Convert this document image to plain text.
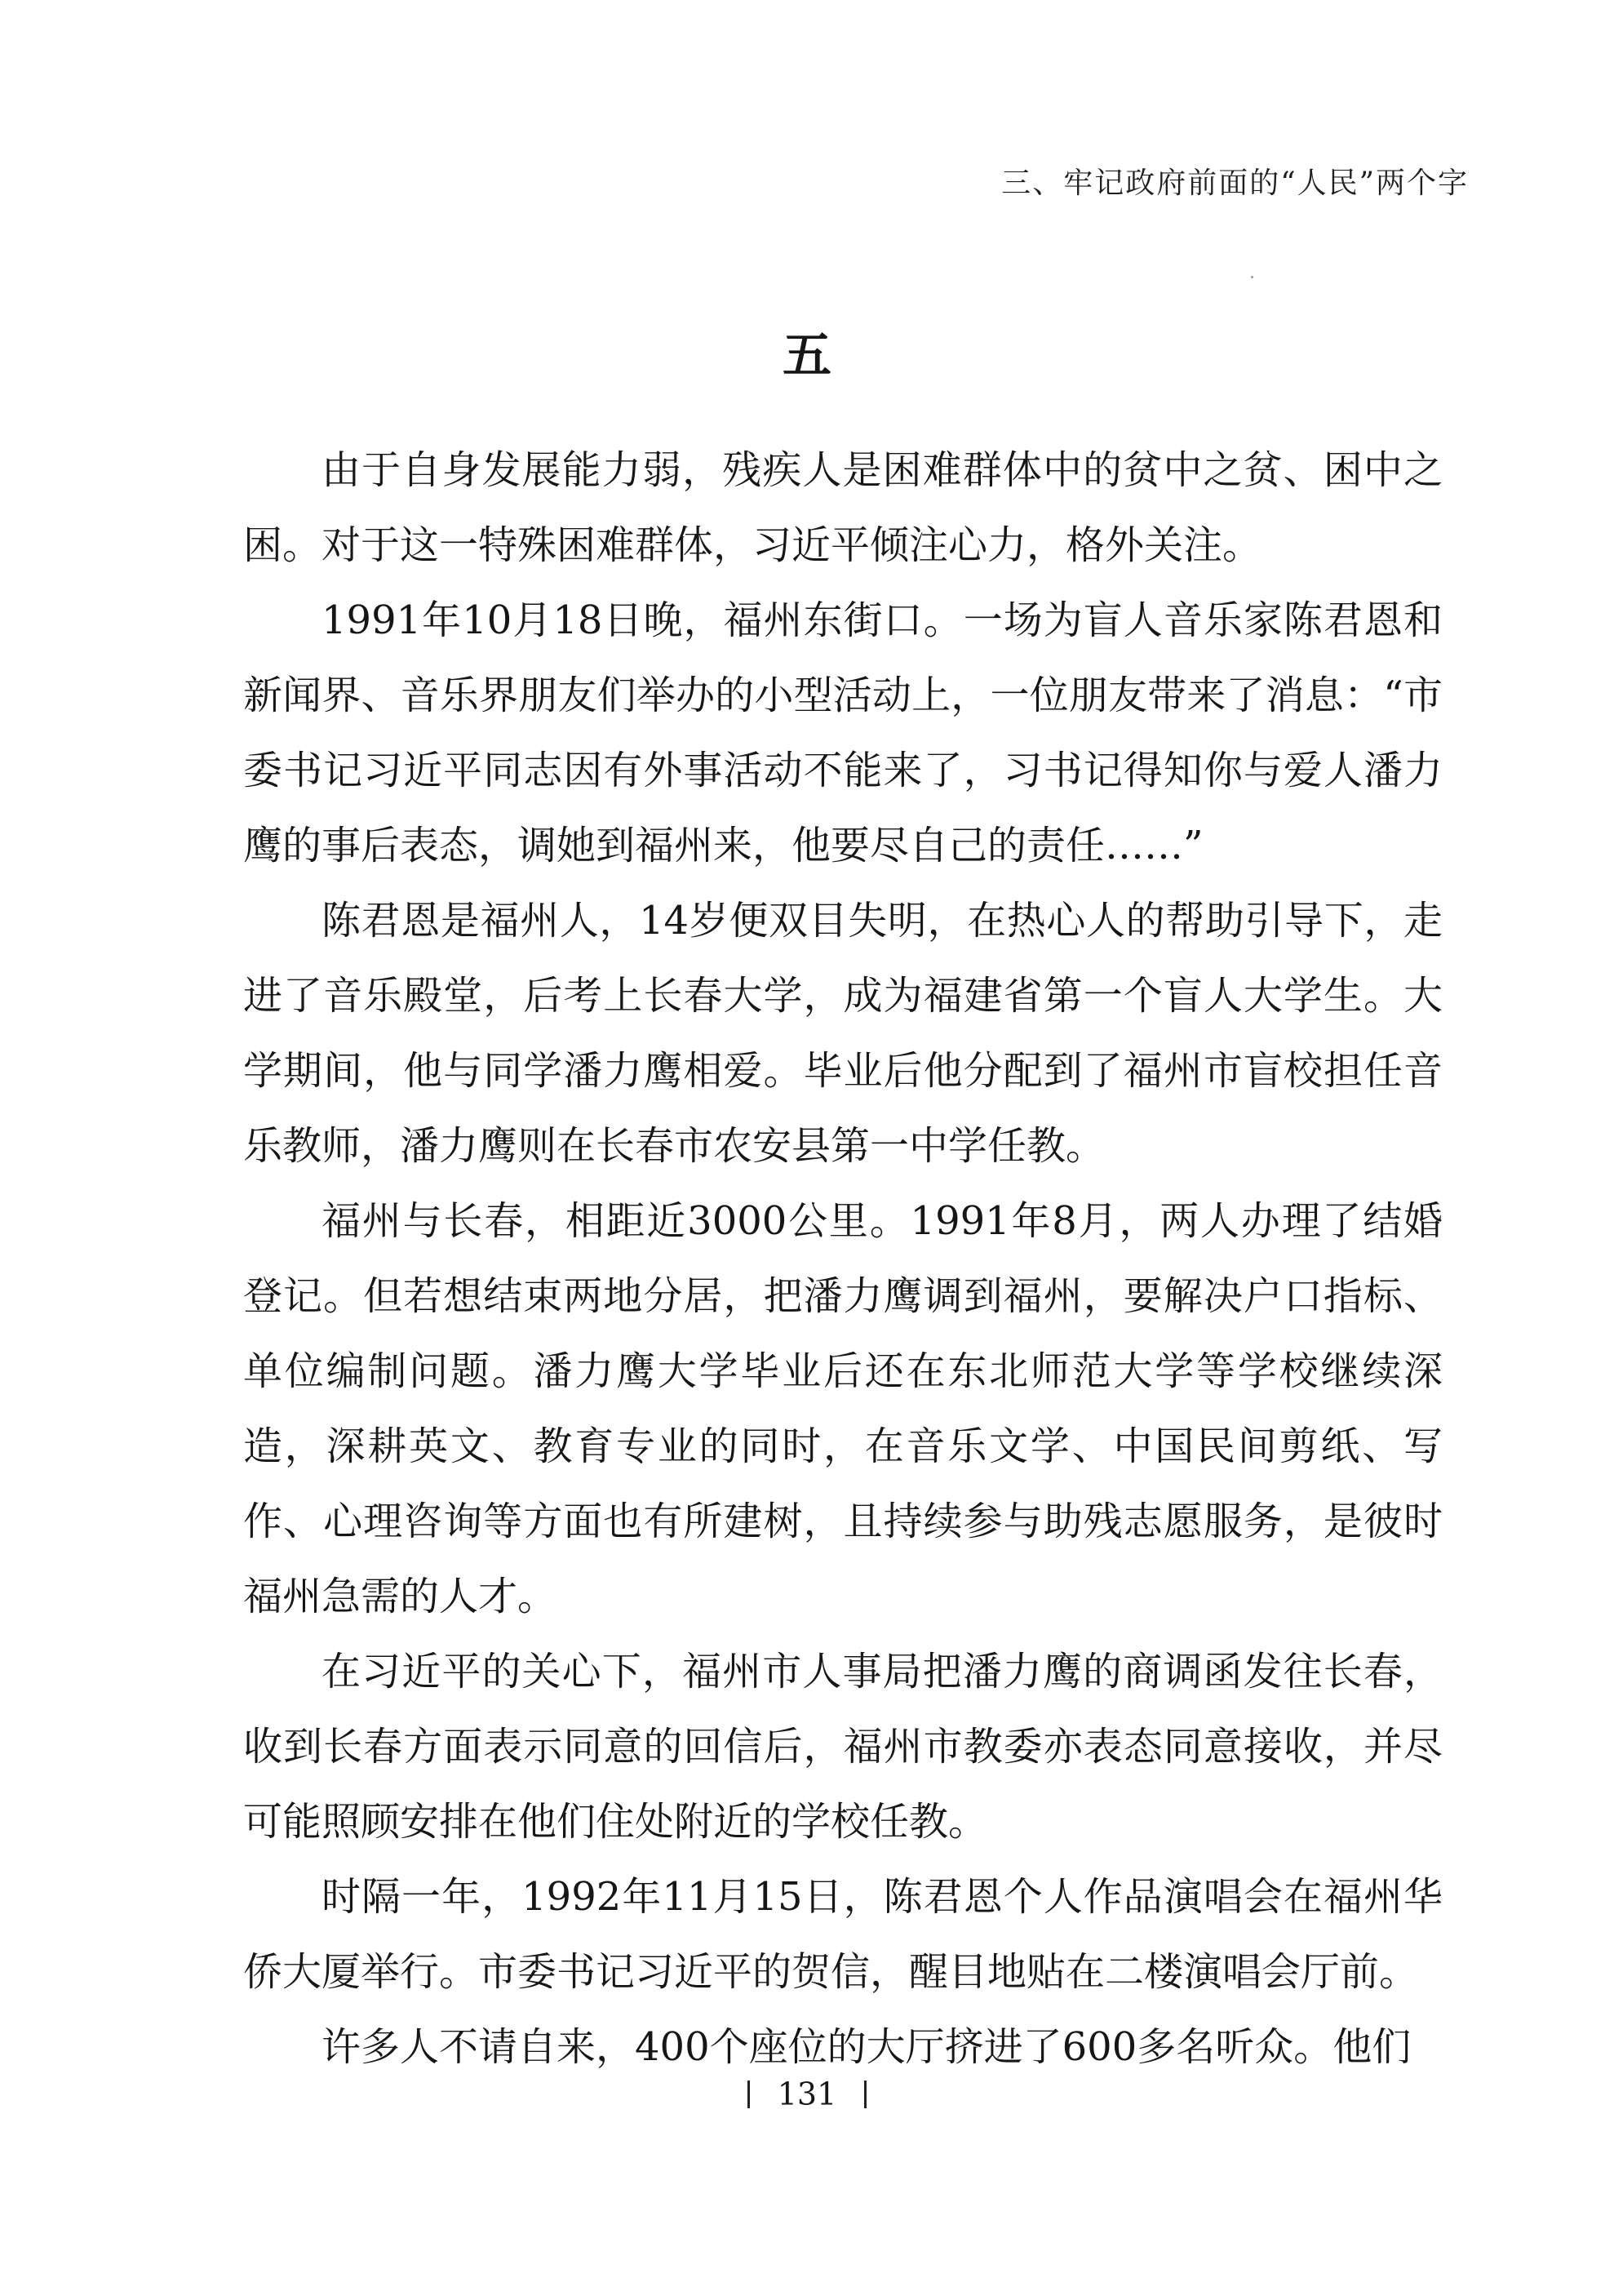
三、牢记政府前面的“人民”两个字
五

由于自身发展能力弱，残疾人是困难群体中的贫中之贫、困中之困。对于这一特殊困难群体，习近平倾注心力，格外关注。

1991年10月18日晚，福州东街口。一场为盲人音乐家陈君恩和新闻界、音乐界朋友们举办的小型活动上，一位朋友带来了消息：“市委书记习近平同志因有外事活动不能来了，习书记得知你与爱人潘力鹰的事后表态，调她到福州来，他要尽自己的责任……”

陈君恩是福州人，14岁便双目失明，在热心人的帮助引导下，走进了音乐殿堂，后考上长春大学，成为福建省第一个盲人大学生。大学期间，他与同学潘力鹰相爱。毕业后他分配到了福州市盲校担任音乐教师，潘力鹰则在长春市农安县第一中学任教。

福州与长春，相距近3000公里。1991年8月，两人办理了结婚登记。但若想结束两地分居，把潘力鹰调到福州，要解决户口指标、单位编制问题。潘力鹰大学毕业后还在东北师范大学等学校继续深造，深耕英文、教育专业的同时，在音乐文学、中国民间剪纸、写作、心理咨询等方面也有所建树，且持续参与助残志愿服务，是彼时福州急需的人才。

在习近平的关心下，福州市人事局把潘力鹰的商调函发往长春，收到长春方面表示同意的回信后，福州市教委亦表态同意接收，并尽可能照顾安排在他们住处附近的学校任教。

时隔一年，1992年11月15日，陈君恩个人作品演唱会在福州华侨大厦举行。市委书记习近平的贺信，醒目地贴在二楼演唱会厅前。

许多人不请自来，400个座位的大厅挤进了600多名听众。他们

131
